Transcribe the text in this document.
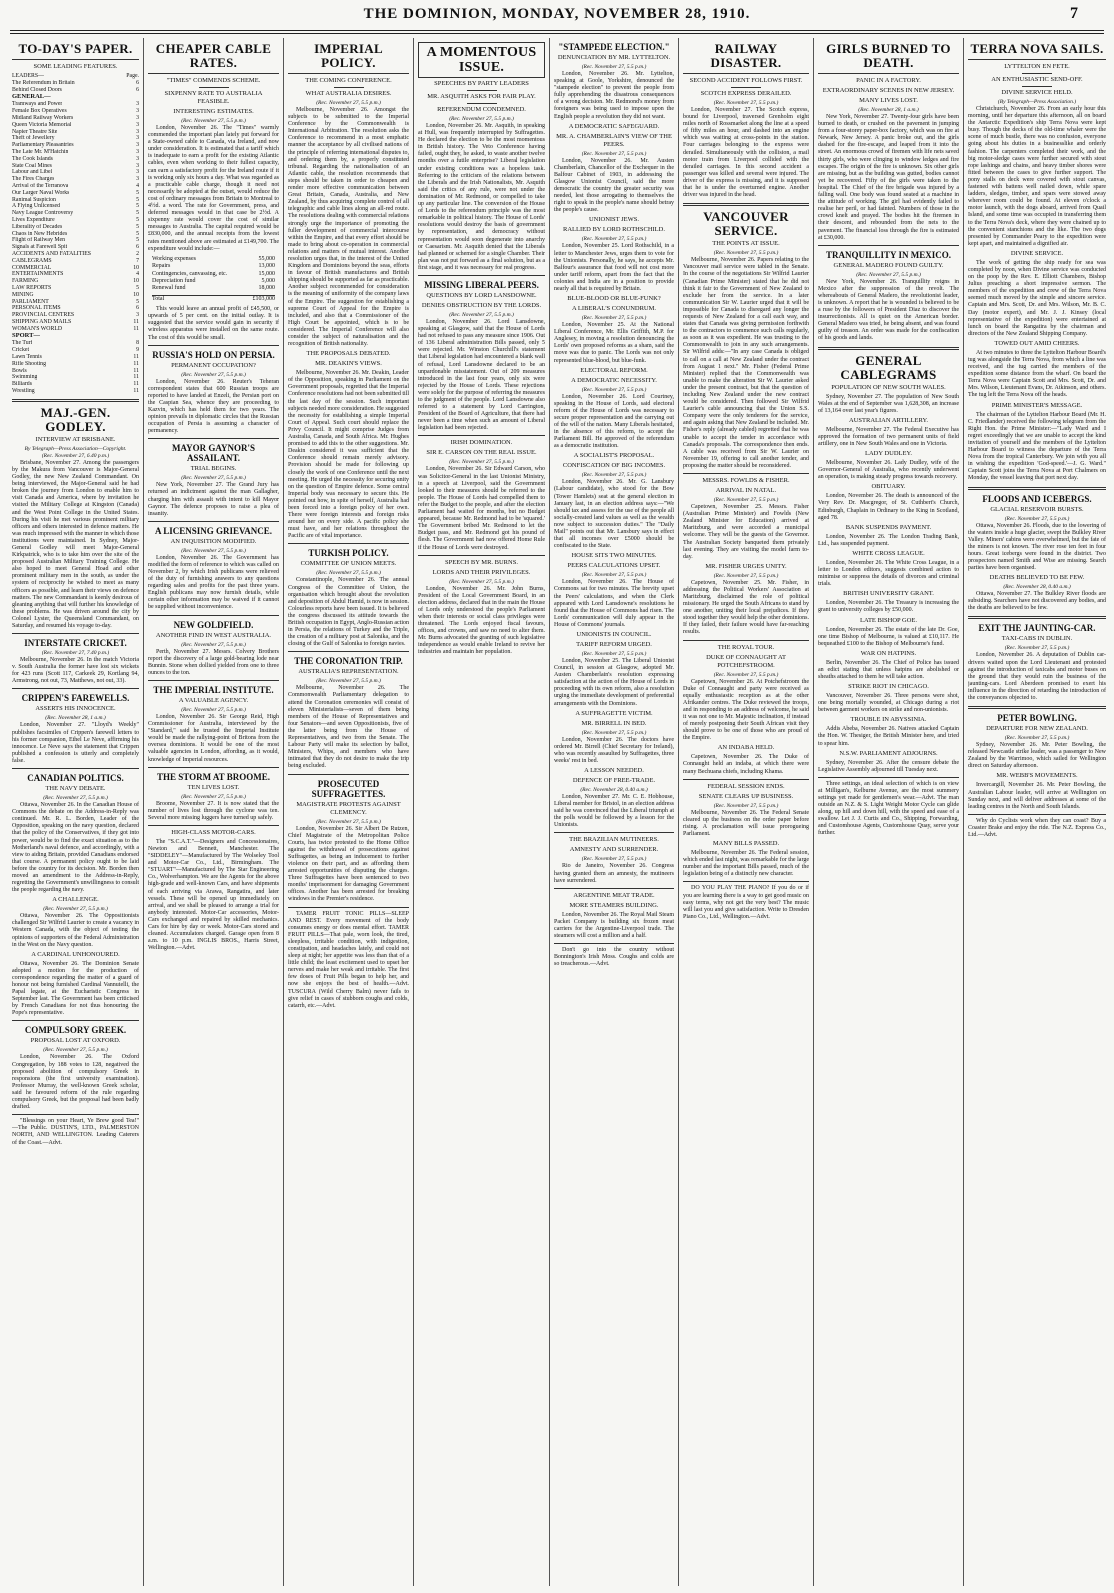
THE DOMINION, MONDAY, NOVEMBER 28, 1910.	7
TO-DAY'S PAPER.
SOME LEADING FEATURES.
LEADERS—	Page.
The Referendum in Britain	6
Behind Closed Doors	6
GENERAL—
Tramways and Power	3
Female Box Operatives	3
Midland Railway Workers	3
Queen Victoria Memorial	3
Napier Theatre Site	3
Theft of Jewellery	3
Parliamentary Pleasantries	3
The Late Mr. M'Hatchin	3
The Cook Islands	3
State Coal Mines	3
Labour and Libel	3
The Fires Charges	3
Arrival of the Terranova	4
Our Larger Naval Works	5
Ranimal Suspicion	5
A Flying Unlicensed	5
Navy League Controversy	5
Lives Expenditure	5
Liberality of Decades	5
Chaos in New Hebrides	5
Flight of Railway Men	5
Signals at Farewell Spit	6
ACCIDENTS AND FATALITIES	2
CABLEGRAMS	7
COMMERCIAL	10
ENTERTAINMENTS	4
FARMING	10
LAW REPORTS	5
MINING	10
PARLIAMENT	5
PERSONAL ITEMS	6
PROVINCIAL CENTRES	3
SHIPPING AND MAILS	11
WOMAN'S WORLD	11
SPORT—
The Turf	8
Cricket	9
Lawn Tennis	11
Rifle Shooting	11
Bowls	11
Swimming	11
Billiards	11
Wrestling	11
MAJ.-GEN. GODLEY.
INTERVIEW AT BRISBANE.
By Telegraph—Press Association—Copyright.
(Rec. November 27, 6.40 p.m.)

Brisbane, November 27. Among the passengers by the Makura from Vancouver is Major-General Godley, the new New Zealand Commandant. On being interviewed, the Major-General said he had broken the journey from London to enable him to visit Canada and America, where by invitation he visited the Military College at Kingston (Canada) and the West Point College in the United States. During his visit he met various prominent military officers and others interested in defence matters. He was much impressed with the manner in which those institutions were maintained. In Sydney, Major-General Godley will meet Major-General Kirkpatrick, who is to take him over the site of the proposed Australian Military Training College. He also hoped to meet General Hoad and other prominent military men in the south, as under the system of reciprocity he wished to meet as many officers as possible, and learn their views on defence matters. The new Commandant is keenly desirous of gleaning anything that will further his knowledge of these problems. He was driven around the city by Colonel Lyster, the Queensland Commandant, on Saturday, and resumed his voyage to-day.

INTERSTATE CRICKET.
(Rec. November 27, 7.40 p.m.)

Melbourne, November 26. In the match Victoria v. South Australia the former have lost six wickets for 423 runs (Scott 117, Carkeek 29, Kortlang 94, Armstrong, not out, 73, Matthews, not out, 33).

CRIPPEN'S FAREWELLS.
ASSERTS HIS INNOCENCE.
(Rec. November 28, 1 a.m.)

London, November 27. "Lloyd's Weekly" publishes facsimiles of Crippen's farewell letters to his former companion, Ethel Le Neve, affirming his innocence. Le Neve says the statement that Crippen published a confession is utterly and completely false.

CANADIAN POLITICS.
THE NAVY DEBATE.
(Rec. November 27, 5.5 p.m.)

Ottawa, November 26. In the Canadian House of Commons the debate on the Address-in-Reply was continued. Mr. R. L. Borden, Leader of the Opposition, speaking on the navy question, declared that the policy of the Conservatives, if they got into power, would be to find the exact situation as to the Motherland's naval defence, and accordingly, with a view to aiding Britain, provided Canadians endorsed that course. A permanent policy ought to be laid before the country for its decision. Mr. Borden then moved an amendment to the Address-in-Reply, regretting the Government's unwillingness to consult the people regarding the navy.

A CHALLENGE.
(Rec. November 27, 5.5 p.m.)

Ottawa, November 26. The Oppositionists challenged Sir Wilfrid Laurier to create a vacancy in Western Canada, with the object of testing the opinions of supporters of the Federal Administration in the West on the Navy question.

A CARDINAL UNHONOURED.

Ottawa, November 26. The Dominion Senate adopted a motion for the production of correspondence regarding the matter of a guard of honour not being furnished Cardinal Vannutelli, the Papal legate, at the Eucharistic Congress in September last. The Government has been criticised by French Canadians for not thus honouring the Pope's representative.

COMPULSORY GREEK.
PROPOSAL LOST AT OXFORD.
(Rec. November 27, 5.5 p.m.)

London, November 26. The Oxford Congregation, by 188 votes to 128, negatived the proposed abolition of compulsory Greek in responsions (the first university examination). Professor Murray, the well-known Greek scholar, said he favoured reform of the rule regarding compulsory Greek, but the proposal had been badly drafted.

"Blessings on your Heart, Ye Brew good Tea!" —The Public. DUSTIN'S, LTD., PALMERSTON NORTH, AND WELLINGTON. Leading Caterers of the Coast.—Advt.

CHEAPER CABLE RATES.
"TIMES" COMMENDS SCHEME.
SIXPENNY RATE TO AUSTRALIA FEASIBLE.
INTERESTING ESTIMATES.
(Rec. November 27, 5.5 p.m.)

London, November 26. The "Times" warmly commended the important plan lately put forward for a State-owned cable to Canada, via Ireland, and now under consideration. It is estimated that a tariff which is inadequate to earn a profit for the existing Atlantic cables, even when working to their fullest capacity, can earn a satisfactory profit for the Ireland route if it is working only six hours a day. What was regarded as a practicable cable charge, though it need not necessarily be adopted at the outset, would reduce the cost of ordinary messages from Britain to Montreal to 4½d. a word. The rate for Government, press, and deferred messages would in that case be 2½d. A sixpenny rate would cover the cost of similar messages to Australia. The capital required would be £830,000, and the annual receipts from the lowest rates mentioned above are estimated at £149,700. The expenditure would include:—

Working expenses	55,000
Repairs	13,000
Contingencies, canvassing, etc.	15,000
Depreciation fund	5,000
Renewal fund	18,000
Total	£103,000

This would leave an annual profit of £45,500, or upwards of 5 per cent. on the initial outlay. It is suggested that the service would gain in security if wireless apparatus were installed on the same route. The cost of this would be small.

RUSSIA'S HOLD ON PERSIA.
PERMANENT OCCUPATION?
(Rec. November 27, 5.5 p.m.)

London, November 26. Reuter's Teheran correspondent states that 600 Russian troops are reported to have landed at Enzeli, the Persian port on the Caspian Sea, whence they are proceeding to Kazvin, which has held them for two years. The opinion prevails in diplomatic circles that the Russian occupation of Persia is assuming a character of permanency.

MAYOR GAYNOR'S ASSAILANT.
TRIAL BEGINS.
(Rec. November 27, 5.5 p.m.)

New York, November 27. The Grand Jury has returned an indictment against the man Gallagher, charging him with assault with intent to kill Mayor Gaynor. The defence proposes to raise a plea of insanity.

A LICENSING GRIEVANCE.
AN INQUISITION MODIFIED.
(Rec. November 27, 5.5 p.m.)

London, November 26. The Government has modified the form of reference to which was called on November 2, by which Irish publicans were relieved of the duty of furnishing answers to any questions regarding sales and profits for the past three years. English publicans may now furnish details, while certain other information may be waived if it cannot be supplied without inconvenience.

NEW GOLDFIELD.
ANOTHER FIND IN WEST AUSTRALIA.
(Rec. November 27, 5.5 p.m.)

Perth, November 27. Messrs. Colvery Brothers report the discovery of a large gold-bearing lode near Bunnin. Stone when dollied yielded from one to three ounces to the ton.

THE IMPERIAL INSTITUTE.
A VALUABLE AGENCY.
(Rec. November 27, 5.5 p.m.)

London, November 26. Sir George Reid, High Commissioner for Australia, interviewed by the "Standard," said he trusted the Imperial Institute would be made the rallying-point of Britons from the oversea dominions. It would be one of the most valuable agencies in London, affording, as it would, knowledge of Imperial resources.

THE STORM AT BROOME.
TEN LIVES LOST.
(Rec. November 27, 5.5 p.m.)

Broome, November 27. It is now stated that the number of lives lost through the cyclone was ten. Several more missing luggers have turned up safely.

HIGH-CLASS MOTOR-CARS.

The "S.C.A.T."—Designers and Concessionaires, Newton and Bennett, Manchester. The "SIDDELEY"—Manufactured by The Wolseley Tool and Motor-Car Co., Ltd., Birmingham. The "STUART"—Manufactured by The Star Engineering Co., Wolverhampton. We are the Agents for the above high-grade and well-known Cars, and have shipments of each arriving via Arawa, Rangatira, and later vessels. These will be opened up immediately on arrival, and we shall be pleased to arrange a trial for anybody interested. Motor-Car accessories, Motor-Cars exchanged and repaired by skilled mechanics. Cars for hire by day or week. Motor-Cars stored and cleaned. Accumulators charged. Garage open from 8 a.m. to 10 p.m. INGLIS BROS., Harris Street, Wellington.—Advt.

IMPERIAL POLICY.
THE COMING CONFERENCE.
WHAT AUSTRALIA DESIRES.
(Rec. November 27, 5.5 p.m.)

Melbourne, November 26. Amongst the subjects to be submitted to the Imperial Conference by the Commonwealth is International Arbitration. The resolution asks the Conference to recommend in a most emphatic manner the acceptance by all civilised nations of the principle of referring international disputes to, and ordering them by, a properly constituted tribunal. Regarding the nationalisation of an Atlantic cable, the resolution recommends that steps should be taken in order to cheapen and render more effective communication between Great Britain, Canada, Australia, and New Zealand, by thus acquiring complete control of all telegraphic and cable lines along an all-red route. The resolutions dealing with commercial relations strongly urge the importance of promoting the fuller development of commercial intercourse within the Empire, and that every effort should be made to bring about co-operation in commercial relations and matters of mutual interest. Another resolution urges that, in the interest of the United Kingdom and Dominions beyond the seas, efforts in favour of British manufactures and British shipping should be supported as far as practicable. Another subject recommended for consideration is the meaning of uniformity of the company laws of the Empire. The suggestion for establishing a supreme Court of Appeal for the Empire is included, and also that a Commissioner of the High Court be appointed, which is to be considered. The Imperial Conference will also consider the subject of naturalisation and the recognition of British nationality.

THE PROPOSALS DEBATED.
MR. DEAKIN'S VIEWS.

Melbourne, November 26. Mr. Deakin, Leader of the Opposition, speaking in Parliament on the Government proposals, regretted that the Imperial Conference resolutions had not been submitted till the last day of the session. Such important subjects needed more consideration. He suggested the necessity for establishing a simple Imperial Court of Appeal. Such court should replace the Privy Council. It might comprise Judges from Australia, Canada, and South Africa. Mr. Hughes promised to add this to the other suggestions. Mr. Deakin considered it was sufficient that the Conference should remain merely advisory. Provision should be made for following up closely the work of one Conference until the next meeting. He urged the necessity for securing unity on the question of Empire defence. Some central Imperial body was necessary to secure this. He pointed out how, in spite of herself, Australia had been forced into a foreign policy of her own. There were foreign interests and foreign risks around her on every side. A pacific policy she must have, and her relations throughout the Pacific are of vital importance.

TURKISH POLICY.
COMMITTEE OF UNION MEETS.
(Rec. November 27, 5.5 p.m.)

Constantinople, November 26. The annual Congress of the Committee of Union, the organisation which brought about the revolution and deposition of Abdul Hamid, is now in session. Colourless reports have been issued. It is believed the congress discussed its attitude towards the British occupation in Egypt, Anglo-Russian action in Persia, the relations of Turkey and the Triple, the creation of a military post at Salonika, and the closing of the Gulf of Salonika to foreign navies.

THE CORONATION TRIP.
AUSTRALIA'S REPRESENTATION.
(Rec. November 27, 5.5 p.m.)

Melbourne, November 26. The Commonwealth Parliamentary delegation to attend the Coronation ceremonies will consist of eleven Ministerialists—seven of them being members of the House of Representatives and four Senators—and seven Oppositionists, five of the latter being from the House of Representatives, and two from the Senate. The Labour Party will make its selection by ballot, Ministers, Whips, and members who have intimated that they do not desire to make the trip being excluded.

PROSECUTED SUFFRAGETTES.
MAGISTRATE PROTESTS AGAINST CLEMENCY.
(Rec. November 27, 5.5 p.m.)

London, November 26. Sir Albert De Rutzen, Chief Magistrate of the Metropolitan Police Courts, has twice protested to the Home Office against the withdrawal of prosecutions against Suffragettes, as being an inducement to further violence on their part, and as affording them arrested opportunities of disputing the charges. Three Suffragettes have been sentenced to two months' imprisonment for damaging Government offices. Another has been arrested for breaking windows in the Premier's residence.

TAMER FRUIT TONIC PILLS—SLEEP AND REST. Every movement of the body consumes energy or does mental effort. TAMER FRUIT PILLS—That pale, worn look, the tired, sleepless, irritable condition, with indigestion, constipation, and headaches lately, and could not sleep at night; her appetite was less than that of a little child; the least excitement used to upset her nerves and make her weak and irritable. The first few doses of Fruit Pills began to help her, and now she enjoys the best of health.—Advt. TUSCURA (Wild Cherry Balm) never fails to give relief in cases of stubborn coughs and colds, catarrh, etc.—Advt.

A MOMENTOUS ISSUE.
SPEECHES BY PARTY LEADERS
MR. ASQUITH ASKS FOR FAIR PLAY.
REFERENDUM CONDEMNED.
(Rec. November 27, 5.5 p.m.)

London, November 26. Mr. Asquith, in speaking at Hull, was frequently interrupted by Suffragettes. He declared the election to be the most momentous in British history. The Veto Conference having failed, ought they, he asked, to waste another twelve months over a futile enterprise? Liberal legislation under existing conditions was a hopeless task. Referring to the criticism of the relations between the Liberals and the Irish Nationalists, Mr. Asquith said the critics of any rule, were not under the domination of Mr. Redmond, or compelled to take up any particular line. The conversion of the House of Lords to the referendum principle was the most remarkable in political history. The House of Lords' resolutions would destroy the basis of government by representation, and democracy without representation would soon degenerate into anarchy or Caesarism. Mr. Asquith denied that the Liberals had planned or schemed for a single Chamber. Their plan was not put forward as a final solution, but as a first stage, and it was necessary for real progress.

MISSING LIBERAL PEERS.
QUESTIONS BY LORD LANSDOWNE.
DENIES OBSTRUCTION BY THE LORDS.
(Rec. November 27, 5.5 p.m.)

London, November 26. Lord Lansdowne, speaking at Glasgow, said that the House of Lords had not refused to pass any measure since 1906. Out of 136 Liberal administration Bills passed, only 5 were rejected. Mr. Winston Churchill's statement that Liberal legislation had encountered a blank wall of refusal, Lord Lansdowne declared to be an unpardonable misstatement. Out of 209 measures introduced in the last four years, only six were rejected by the House of Lords. These rejections were solely for the purpose of referring the measures to the judgment of the people. Lord Lansdowne also referred to a statement by Lord Carrington, President of the Board of Agriculture, that there had never been a time when such an amount of Liberal legislation had been rejected.

IRISH DOMINATION.
SIR E. CARSON ON THE REAL ISSUE.
(Rec. November 27, 5.5 p.m.)

London, November 26. Sir Edward Carson, who was Solicitor-General in the last Unionist Ministry, in a speech at Liverpool, said the Government looked to their measures should be referred to the people. The House of Lords had compelled them to refer the Budget to the people, and after the election Parliament had waited for months, but no Budget appeared, because Mr. Redmond had to be 'squared.' The Government bribed Mr. Redmond to let the Budget pass, and Mr. Redmond got his pound of flesh. The Government had now offered Home Rule if the House of Lords were destroyed.

SPEECH BY MR. BURNS.
LORDS AND THEIR PRIVILEGES.
(Rec. November 27, 5.5 p.m.)

London, November 26. Mr. John Burns, President of the Local Government Board, in an election address, declared that in the main the House of Lords only understood the people's Parliament when their interests or social class privileges were threatened. The Lords enjoyed fiscal favours, offices, and crowns, and saw no need to alter them. Mr. Burns advocated the granting of such legislative independence as would enable Ireland to revive her industries and maintain her population.

"STAMPEDE ELECTION."
DENUNCIATION BY MR. LYTTELTON.
(Rec. November 27, 5.5 p.m.)

London, November 26. Mr. Lyttelton, speaking at Goole, Yorkshire, denounced the "stampede election" to prevent the people from fully apprehending the disastrous consequences of a wrong decision. Mr. Redmond's money from foreigners was being used to impose upon the English people a revolution they did not want.

A DEMOCRATIC SAFEGUARD.
MR. A. CHAMBERLAIN'S VIEW OF THE PEERS.
(Rec. November 27, 5.5 p.m.)

London, November 26. Mr. Austen Chamberlain, Chancellor of the Exchequer in the Balfour Cabinet of 1903, in addressing the Glasgow Unionist Council, said the more democratic the country the greater security was needed, lest those arrogating to themselves the right to speak in the people's name should betray the people's cause.

UNIONIST JEWS.
RALLIED BY LORD ROTHSCHILD.
(Rec. November 27, 5.5 p.m.)

London, November 25. Lord Rothschild, in a letter to Manchester Jews, urges them to vote for the Unionists. Personally, he says, he accepts Mr. Balfour's assurance that food will not cost more under tariff reform, apart from the fact that the colonies and India are in a position to provide nearly all that is required by Britain.

BLUE-BLOOD OR BLUE-FUNK?
A LIBERAL'S CONUNDRUM.
(Rec. November 27, 5.5 p.m.)

London, November 25. At the National Liberal Conference, Mr. Ellis Griffith, M.P. for Anglesey, in moving a resolution denouncing the Lords' own proposed reforms as a sham, said the move was due to panic. The Lords was not only represented blue-blood, but blue-funk.

ELECTORAL REFORM.
A DEMOCRATIC NECESSITY.
(Rec. November 27, 5.5 p.m.)

London, November 26. Lord Courtney, speaking in the House of Lords, said electoral reform of the House of Lords was necessary to secure proper representation and the carrying out of the will of the nation. Many Liberals hesitated, in the absence of this reform, to accept the Parliament Bill. He approved of the referendum as a democratic institution.

A SOCIALIST'S PROPOSAL.
CONFISCATION OF BIG INCOMES.
(Rec. November 27, 5.5 p.m.)

London, November 26. Mr. G. Lansbury (Labour candidate), who stood for the Bow (Tower Hamlets) seat at the general election in January last, in an election address says:—"We should tax and assess for the use of the people all socially-created land values as well as the wealth now subject to succession duties." The "Daily Mail" points out that Mr. Lansbury says in effect that all incomes over £5000 should be confiscated to the State.

HOUSE SITS TWO MINUTES.
PEERS CALCULATIONS UPSET.
(Rec. November 27, 5.5 p.m.)

London, November 26. The House of Commons sat for two minutes. The brevity upset the Peers' calculations, and when the Clerk appeared with Lord Lansdowne's resolutions he found that the House of Commons had risen. The Lords' communication will duly appear in the House of Commons' journals.

UNIONISTS IN COUNCIL.
TARIFF REFORM URGED.
(Rec. November 27, 5.5 p.m.)

London, November 25. The Liberal Unionist Council, in session at Glasgow, adopted Mr. Austen Chamberlain's resolution expressing satisfaction at the action of the House of Lords in proceeding with its own reform, also a resolution urging the immediate development of preferential arrangements with the Dominions.

A SUFFRAGETTE VICTIM.
MR. BIRRELL IN BED.
(Rec. November 27, 5.5 p.m.)

London, November 26. The doctors have ordered Mr. Birrell (Chief Secretary for Ireland), who was recently assaulted by Suffragettes, three weeks' rest in bed.

A LESSON NEEDED.
DEFENCE OF FREE-TRADE.
(Rec. November 28, 0.40 a.m.)

London, November 27. Mr. C. E. Hobhouse, Liberal member for Bristol, in an election address said he was convinced that the Liberal triumph at the polls would be followed by a lesson for the Unionists.

THE BRAZILIAN MUTINEERS.
AMNESTY AND SURRENDER.
(Rec. November 27, 5.5 p.m.)

Rio de Janeiro, November 26. Congress having granted them an amnesty, the mutineers have surrendered.

ARGENTINE MEAT TRADE.
MORE STEAMERS BUILDING.

London, November 26. The Royal Mail Steam Packet Company is building six frozen meat carriers for the Argentine-Liverpool trade. The steamers will cost a million and a half.

Don't go into the country without Bonnington's Irish Moss. Coughs and colds are so treacherous.—Advt.

RAILWAY DISASTER.
SECOND ACCIDENT FOLLOWS FIRST.
SCOTCH EXPRESS DERAILED.
(Rec. November 27, 5.5 p.m.)

London, November 27. The Scotch express, bound for Liverpool, traversed Grenholm eight miles north of Rossmarket along the line at a speed of fifty miles an hour, and dashed into an engine which was waiting at cross-points in the station. Four carriages belonging to the express were derailed. Simultaneously with the collision, a mail motor train from Liverpool collided with the derailed carriages. In this second accident a passenger was killed and several were injured. The driver of the express is missing, and it is supposed that he is under the overturned engine. Another driver was injured in the head.

VANCOUVER SERVICE.
THE POINTS AT ISSUE.
(Rec. November 27, 5.5 p.m.)

Melbourne, November 26. Papers relating to the Vancouver mail service were tabled in the Senate. In the course of the negotiations Sir Wilfrid Laurier (Canadian Prime Minister) stated that he did not think it fair to the Government of New Zealand to exclude her from the service. In a later communication Sir W. Laurier urged that it will be impossible for Canada to disregard any longer the requests of New Zealand for a call each way, and states that Canada was giving permission forthwith to the contractors to commence such calls regularly, as soon as it was expedient. He was trusting to the Commonwealth to join in any such arrangements. Sir Wilfrid adds:—"In any case Canada is obliged to call on a call at New Zealand under the contract from August 1 next." Mr. Fisher (Federal Prime Minister) replied that the Commonwealth was unable to make the alteration Sir W. Laurier asked under the present contract, but that the question of including New Zealand under the new contract would be considered. Then followed Sir Wilfrid Laurier's cable announcing that the Union S.S. Company were the only tenderers for the service, and again asking that New Zealand be included. Mr. Fisher's reply (already cabled) regretted that he was unable to accept the tender in accordance with Canada's proposals. The correspondence then ends. A cable was received from Sir W. Laurier on November 19, offering to call another tender, and proposing the matter should be reconsidered.

MESSRS. FOWLDS & FISHER.
ARRIVAL IN NATAL.
(Rec. November 27, 5.5 p.m.)

Capetown, November 25. Messrs. Fisher (Australian Prime Minister) and Fowlds (New Zealand Minister for Education) arrived at Maritzburg, and were accorded a municipal welcome. They will be the guests of the Governor. The Australian Society banqueted them privately last evening. They are visiting the model farm to-day.

MR. FISHER URGES UNITY.
(Rec. November 27, 5.5 p.m.)

Capetown, November 25. Mr. Fisher, in addressing the Political Workers' Association at Maritzburg, disclaimed the role of political missionary. He urged the South Africans to stand by one another, uniting their local prejudices. If they stood together they would help the other dominions. If they failed, their failure would have far-reaching results.

THE ROYAL TOUR.
DUKE OF CONNAUGHT AT POTCHEFSTROOM.
(Rec. November 27, 5.5 p.m.)

Capetown, November 26. At Potchefstroom the Duke of Connaught and party were received as equally enthusiastic reception as at the other Afrikander centres. The Duke reviewed the troops, and in responding to an address of welcome, he said it was not one to Mr. Majestic inclination, if instead of merely postponing their South African visit they should prove to be one of those who are proud of the Empire.

AN INDABA HELD.

Capetown, November 26. The Duke of Connaught held an indaba, at which there were many Bechuana chiefs, including Khama.

FEDERAL SESSION ENDS.
SENATE CLEARS UP BUSINESS.
(Rec. November 27, 5.5 p.m.)

Melbourne, November 26. The Federal Senate cleared up the business on the order paper before rising. A proclamation will issue prorogueing Parliament.

MANY BILLS PASSED.

Melbourne, November 26. The Federal session, which ended last night, was remarkable for the large number and the important Bills passed, much of the legislation being of a distinctly new character.

DO YOU PLAY THE PIANO? If you do or if you are learning there is a way to get good music on easy terms, why not get the very best? The music will last you and give satisfaction. Write to Dresden Piano Co., Ltd., Wellington.—Advt.

GIRLS BURNED TO DEATH.
PANIC IN A FACTORY.
EXTRAORDINARY SCENES IN NEW JERSEY.
MANY LIVES LOST.
(Rec. November 28, 1 a.m.)

New York, November 27. Twenty-four girls have been burned to death, or crushed on the pavement in jumping from a four-storey paper-box factory, which was on fire at Newark, New Jersey. A panic broke out, and the girls dashed for the fire-escape, and leaped from it into the street. An enormous crowd of firemen with life nets saved thirty girls, who were clinging to window ledges and fire escapes. The origin of the fire is unknown. Six other girls are missing, but as the building was gutted, bodies cannot yet be recovered. Fifty of the girls were taken to the hospital. The Chief of the fire brigade was injured by a falling wall. One body was found seated at a machine in the attitude of working. The girl had evidently failed to realise her peril, or had fainted. Numbers of those in the crowd knelt and prayed. The bodies hit the firemen in their descent, and rebounded from the nets to the pavement. The financial loss through the fire is estimated at £30,000.

TRANQUILLITY IN MEXICO.
GENERAL MADERO FOUND GUILTY.
(Rec. November 27, 5.5 p.m.)

New York, November 26. Tranquillity reigns in Mexico after the suppression of the revolt. The whereabouts of General Madero, the revolutionist leader, is unknown. A report that he is wounded is believed to be a ruse by the followers of President Diaz to discover the insurrectionists. All is quiet on the American border. General Madero was tried, he being absent, and was found guilty of treason. An order was made for the confiscation of his goods and lands.

GENERAL CABLEGRAMS
POPULATION OF NEW SOUTH WALES.

Sydney, November 27. The population of New South Wales at the end of September was 1,628,308, an increase of 13,164 over last year's figures.

AUSTRALIAN ARTILLERY.

Melbourne, November 27. The Federal Executive has approved the formation of two permanent units of field artillery, one in New South Wales and one in Victoria.

LADY DUDLEY.

Melbourne, November 26. Lady Dudley, wife of the Governor-General of Australia, who recently underwent an operation, is making steady progress towards recovery.

OBITUARY.

London, November 26. The death is announced of the Very Rev. Dr. Macgregor, of St. Cuthbert's Church, Edinburgh, Chaplain in Ordinary to the King in Scotland, aged 78.

BANK SUSPENDS PAYMENT.

London, November 26. The London Trading Bank, Ltd., has suspended payment.

WHITE CROSS LEAGUE.

London, November 26. The White Cross League, in a letter to London editors, suggests combined action to minimise or suppress the details of divorces and criminal trials.

BRITISH UNIVERSITY GRANT.

London, November 26. The Treasury is increasing the grant to university colleges by £50,000.

LATE BISHOP GOE.

London, November 26. The estate of the late Dr. Goe, one time Bishop of Melbourne, is valued at £10,117. He bequeathed £100 to the Bishop of Melbourne's fund.

WAR ON HATPINS.

Berlin, November 26. The Chief of Police has issued an edict stating that unless hatpins are abolished or sheaths attached to them he will take action.

STRIKE RIOT IN CHICAGO.

Vancouver, November 26. Three persons were shot, one being mortally wounded, at Chicago during a riot between garment workers on strike and non-unionists.

TROUBLE IN ABYSSINIA.

Addis Abeba, November 26. Natives attacked Captain the Hon. W. Thesiger, the British Minister here, and tried to spear him.

N.S.W. PARLIAMENT ADJOURNS.

Sydney, November 26. After the censure debate the Legislative Assembly adjourned till Tuesday next.

Three settings, an ideal selection of which is on view at Milligan's, Kelburne Avenue, are the most summery settings yet made for gentlemen's wear.—Advt. The man outside an N.Z. & S. Light Weight Motor Cycle can glide along, up hill and down hill, with the speed and ease of a swallow. Let J. J. Curtis and Co., Shipping, Forwarding, and Customhouse Agents, Customhouse Quay, serve your further.

TERRA NOVA SAILS.
LYTTELTON EN FETE.
AN ENTHUSIASTIC SEND-OFF.
DIVINE SERVICE HELD.
(By Telegraph—Press Association.)

Christchurch, November 26. From an early hour this morning, until her departure this afternoon, all on board the Antarctic Expedition's ship Terra Nova were kept busy. Though the decks of the old-time whaler were the scene of much bustle, there was no confusion, everyone going about his duties in a businesslike and orderly fashion. The carpenters completed their work, and the big motor-sledge cases were further secured with stout rope lashings and chains, and heavy timber shores were fitted between the cases to give further support. The pony stalls on deck were covered with stout canvas, fastened with battens well nailed down, while spare ladders, sledges, timber, and spars were stowed away wherever room could be found. At eleven o'clock a motor launch, with the dogs aboard, arrived from Quail Island, and some time was occupied in transferring them to the Terra Nova's deck, where they were chained up to the convenient stanchions and the like. The two dogs presented by Commander Peary to the expedition were kept apart, and maintained a dignified air.

DIVINE SERVICE.

The work of getting the ship ready for sea was completed by noon, when Divine service was conducted on the poop by the Rev. E. Elliott Chambers, Bishop Julius preaching a short impressive sermon. The members of the expedition and crew of the Terra Nova seemed much moved by the simple and sincere service. Captain and Mrs. Scott, Dr. and Mrs. Wilson, Mr. B. C. Day (motor expert), and Mr. J. J. Kinsey (local representative of the expedition) were entertained at lunch on board the Rangatira by the chairman and directors of the New Zealand Shipping Company.

TOWED OUT AMID CHEERS.

At two minutes to three the Lyttelton Harbour Board's tug was alongside the Terra Nova, from which a line was received, and the tug carried the members of the expedition some distance from the wharf. On board the Terra Nova were Captain Scott and Mrs. Scott, Dr. and Mrs. Wilson, Lieutenant Evans, Dr. Atkinson, and others. The tug left the Terra Nova off the heads.

PRIME MINISTER'S MESSAGE.

The chairman of the Lyttelton Harbour Board (Mr. H. C. Friedlander) received the following telegram from the Right Hon. the Prime Minister:—"Lady Ward and I regret exceedingly that we are unable to accept the kind invitation of yourself and the members of the Lyttelton Harbour Board to witness the departure of the Terra Nova from the tropical Canterbury. We join with you all in wishing the expedition 'God-speed.'—J. G. Ward." Captain Scott joins the Terra Nova at Port Chalmers on Monday, the vessel leaving that port next day.

FLOODS AND ICEBERGS.
GLACIAL RESERVOIR BURSTS.
(Rec. November 27, 5.5 p.m.)

Ottawa, November 26. Floods, due to the lowering of the waters inside a huge glacier, swept the Bulkley River Valley. Miners' cabins were overwhelmed, but the fate of the miners is not known. The river rose ten feet in four hours. Great icebergs were found in the district. Two prospectors named Smith and Wise are missing. Search parties have been organised.

DEATHS BELIEVED TO BE FEW.
(Rec. November 28, 0.40 a.m.)

Ottawa, November 27. The Bulkley River floods are subsiding. Searchers have not discovered any bodies, and the deaths are believed to be few.

EXIT THE JAUNTING-CAR.
TAXI-CABS IN DUBLIN.
(Rec. November 27, 5.5 p.m.)

London, November 26. A deputation of Dublin car-drivers waited upon the Lord Lieutenant and protested against the introduction of taxicabs and motor buses on the ground that they would ruin the business of the jaunting-cars. Lord Aberdeen promised to exert his influence in the direction of retarding the introduction of the conveyances objected to.

PETER BOWLING.
DEPARTURE FOR NEW ZEALAND.
(Rec. November 27, 5.5 p.m.)

Sydney, November 26. Mr. Peter Bowling, the released Newcastle strike leader, was a passenger to New Zealand by the Warrimoo, which sailed for Wellington direct on Saturday afternoon.

MR. WEBB'S MOVEMENTS.

Invercargill, November 26. Mr. Peter Bowling, the Australian Labour leader, will arrive at Wellington on Sunday next, and will deliver addresses at some of the leading centres in the North and South Islands.

Why do Cyclists work when they can coast? Buy a Coaster Brake and enjoy the ride. The N.Z. Express Co., Ltd.—Advt.
